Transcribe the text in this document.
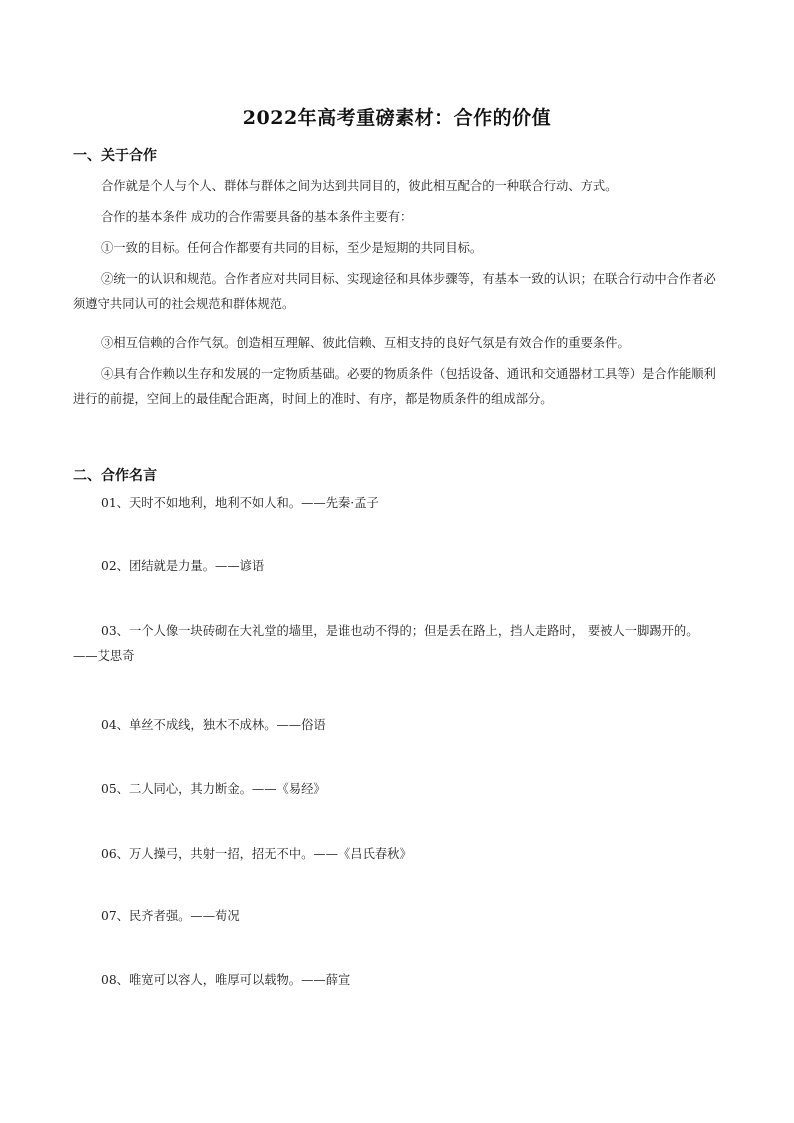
2022年高考重磅素材：合作的价值
一、关于合作
合作就是个人与个人、群体与群体之间为达到共同目的，彼此相互配合的一种联合行动、方式。
合作的基本条件 成功的合作需要具备的基本条件主要有：
①一致的目标。任何合作都要有共同的目标，至少是短期的共同目标。
②统一的认识和规范。合作者应对共同目标、实现途径和具体步骤等，有基本一致的认识；在联合行动中合作者必须遵守共同认可的社会规范和群体规范。
③相互信赖的合作气氛。创造相互理解、彼此信赖、互相支持的良好气氛是有效合作的重要条件。
④具有合作赖以生存和发展的一定物质基础。必要的物质条件（包括设备、通讯和交通器材工具等）是合作能顺利进行的前提，空间上的最佳配合距离，时间上的准时、有序，都是物质条件的组成部分。
二、合作名言
01、天时不如地利，地利不如人和。——先秦·孟子
02、团结就是力量。——谚语
03、一个人像一块砖砌在大礼堂的墙里，是谁也动不得的；但是丢在路上，挡人走路时， 要被人一脚踢开的。——艾思奇
04、单丝不成线，独木不成林。——俗语
05、二人同心，其力断金。——《易经》
06、万人操弓，共射一招，招无不中。——《吕氏春秋》
07、民齐者强。——荀况
08、唯宽可以容人，唯厚可以载物。——薛宣
